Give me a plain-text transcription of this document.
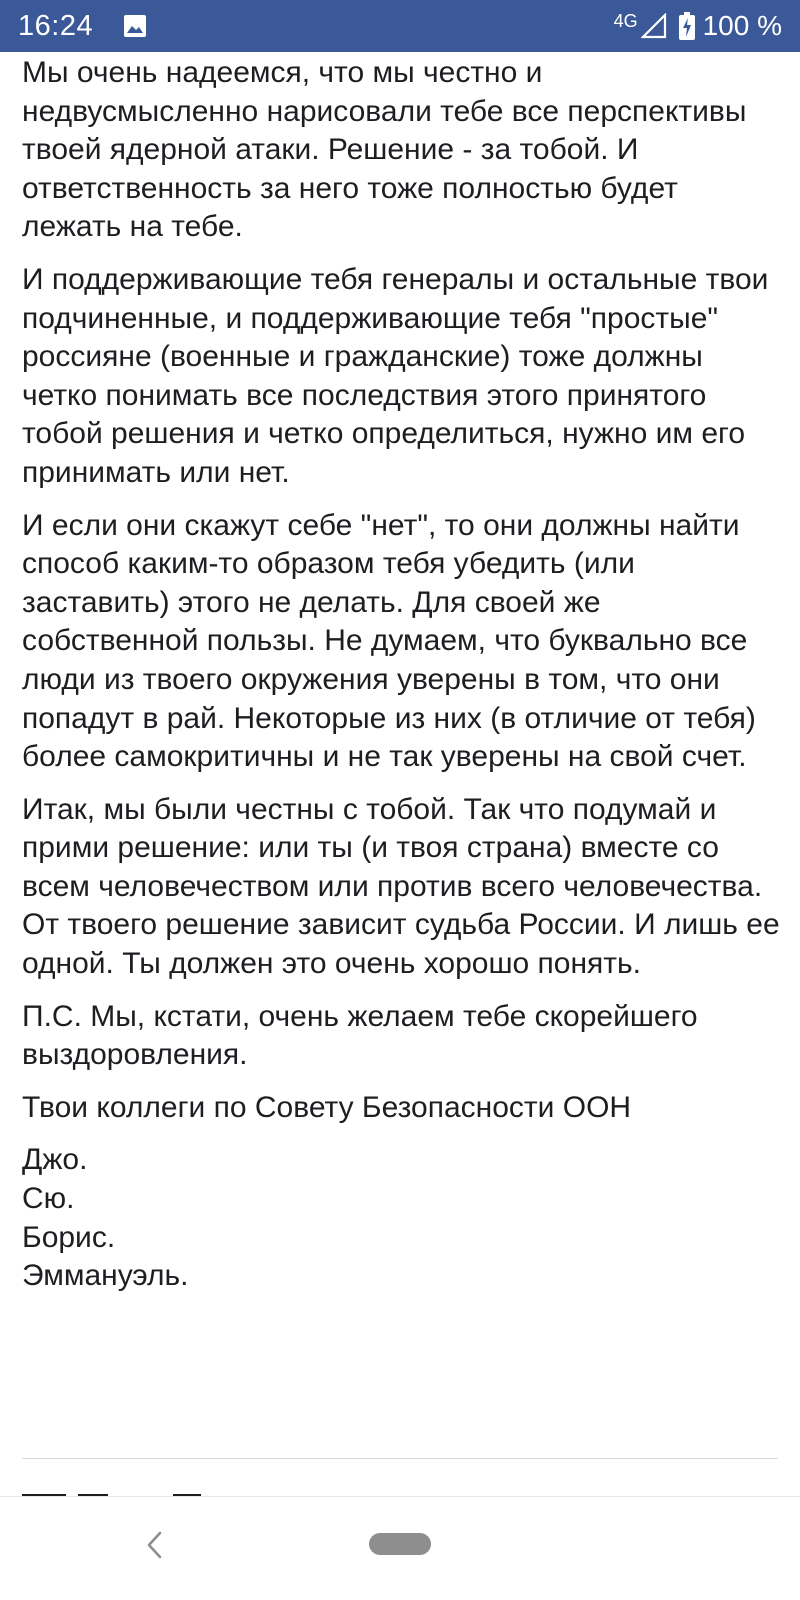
16:24	4G 100 %

Мы очень надеемся, что мы честно и недвусмысленно нарисовали тебе все перспективы твоей ядерной атаки. Решение - за тобой. И ответственность за него тоже полностью будет лежать на тебе.

И поддерживающие тебя генералы и остальные твои подчиненные, и поддерживающие тебя "простые" россияне (военные и гражданские) тоже должны четко понимать все последствия этого принятого тобой решения и четко определиться, нужно им его принимать или нет.

И если они скажут себе "нет", то они должны найти способ каким-то образом тебя убедить (или заставить) этого не делать. Для своей же собственной пользы. Не думаем, что буквально все люди из твоего окружения уверены в том, что они попадут в рай. Некоторые из них (в отличие от тебя) более самокритичны и не так уверены на свой счет.

Итак, мы были честны с тобой. Так что подумай и прими решение: или ты (и твоя страна) вместе со всем человечеством или против всего человечества. От твоего решение зависит судьба России. И лишь ее одной. Ты должен это очень хорошо понять.

П.С. Мы, кстати, очень желаем тебе скорейшего выздоровления.

Твои коллеги по Совету Безопасности ООН

Джо.
Сю.
Борис.
Эммануэль.
